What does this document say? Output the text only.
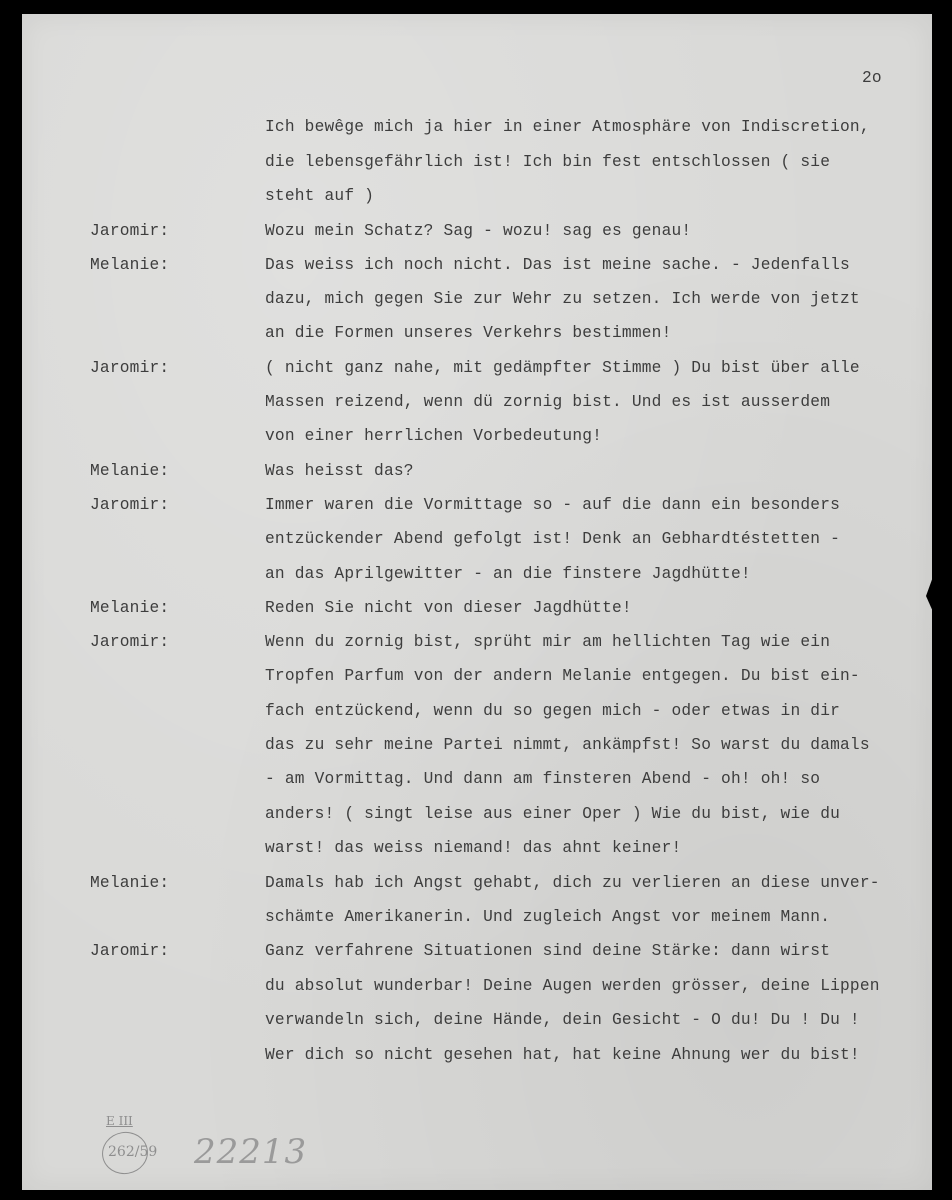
2o
Ich bewêge mich ja hier in einer Atmosphäre von Indiscretion,
die lebensgefährlich ist! Ich bin fest entschlossen ( sie
steht auf )
Wozu mein Schatz? Sag - wozu! sag es genau!
Das weiss ich noch nicht. Das ist meine sache. - Jedenfalls
dazu, mich gegen Sie zur Wehr zu setzen. Ich werde von jetzt
an die Formen unseres Verkehrs bestimmen!
( nicht ganz nahe, mit gedämpfter Stimme ) Du bist über alle
Massen reizend, wenn dü zornig bist. Und es ist ausserdem
von einer herrlichen Vorbedeutung!
Was heisst das?
Immer waren die Vormittage so - auf die dann ein besonders
entzückender Abend gefolgt ist! Denk an Gebhardtéstetten -
an das Aprilgewitter - an die finstere Jagdhütte!
Reden Sie nicht von dieser Jagdhütte!
Wenn du zornig bist, sprüht mir am hellichten Tag wie ein
Tropfen Parfum von der andern Melanie entgegen. Du bist ein-
fach entzückend, wenn du so gegen mich - oder etwas in dir
das zu sehr meine Partei nimmt, ankämpfst! So warst du damals
- am Vormittag. Und dann am finsteren Abend - oh! oh! so
anders! ( singt leise aus einer Oper ) Wie du bist, wie du
warst! das weiss niemand! das ahnt keiner!
Damals hab ich Angst gehabt, dich zu verlieren an diese unver-
schämte Amerikanerin. Und zugleich Angst vor meinem Mann.
Ganz verfahrene Situationen sind deine Stärke: dann wirst
du absolut wunderbar! Deine Augen werden grösser, deine Lippen
verwandeln sich, deine Hände, dein Gesicht - O du! Du ! Du !
Wer dich so nicht gesehen hat, hat keine Ahnung wer du bist!
Jaromir:
Melanie:
Jaromir:
Melanie:
Jaromir:
Melanie:
Jaromir:
Melanie:
Jaromir:
E III
262/59 22213
